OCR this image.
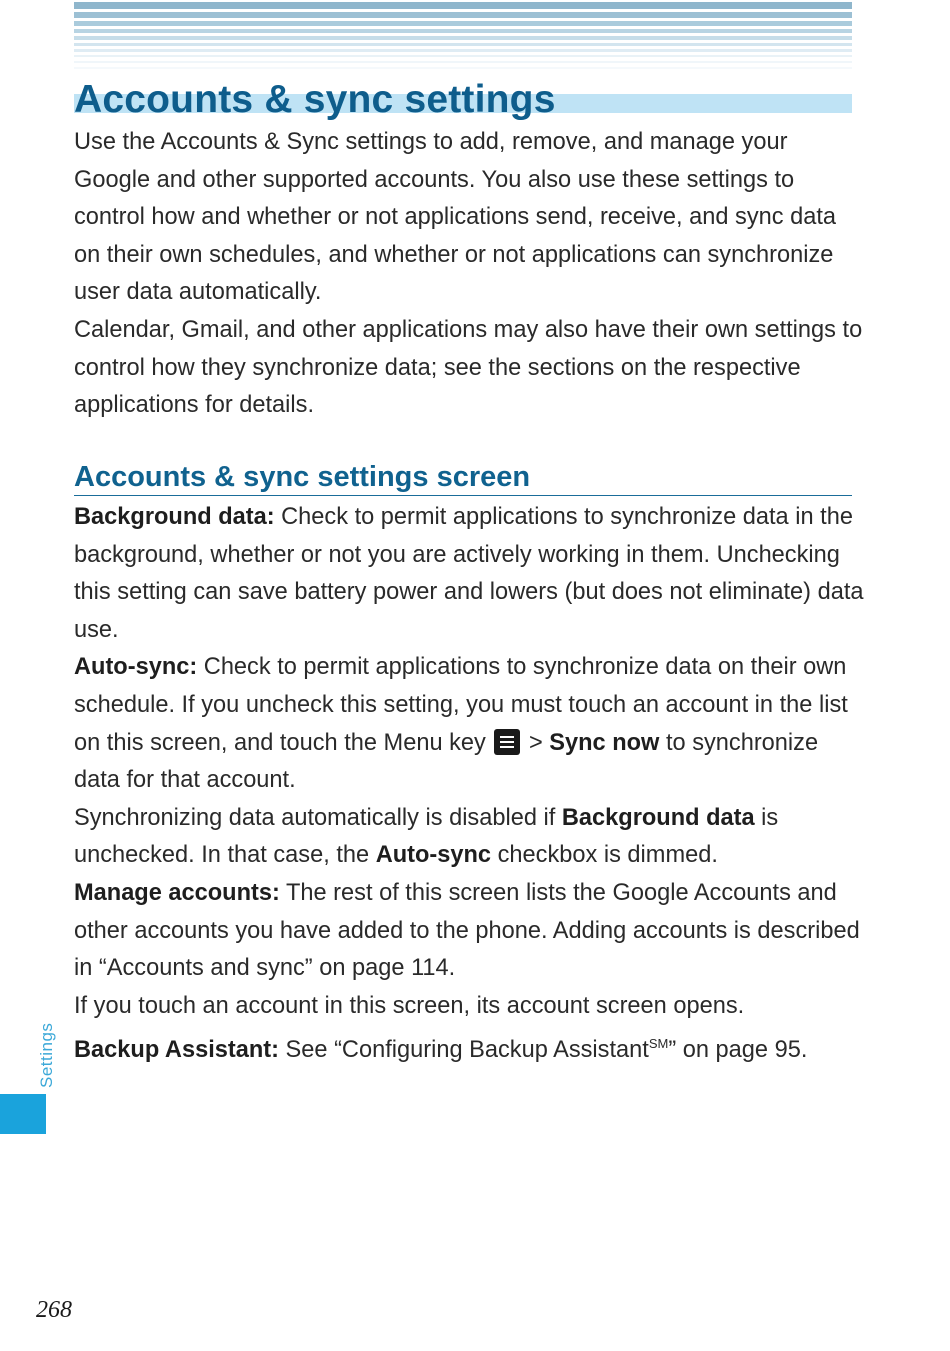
Accounts & sync settings

Use the Accounts & Sync settings to add, remove, and manage your Google and other supported accounts. You also use these settings to control how and whether or not applications send, receive, and sync data on their own schedules, and whether or not applications can synchronize user data automatically.

Calendar, Gmail, and other applications may also have their own settings to control how they synchronize data; see the sections on the respective applications for details.

Accounts & sync settings screen

Background data: Check to permit applications to synchronize data in the background, whether or not you are actively working in them. Unchecking this setting can save battery power and lowers (but does not eliminate) data use.

Auto-sync: Check to permit applications to synchronize data on their own schedule. If you uncheck this setting, you must touch an account in the list on this screen, and touch the Menu key
> Sync now to synchronize data for that account.

Synchronizing data automatically is disabled if Background data is unchecked. In that case, the Auto-sync checkbox is dimmed.

Manage accounts: The rest of this screen lists the Google Accounts and other accounts you have added to the phone. Adding accounts is described in “Accounts and sync” on page 114.

If you touch an account in this screen, its account screen opens.

Backup Assistant: See “Configuring Backup Assistant℠” on page 95.

Settings
268
